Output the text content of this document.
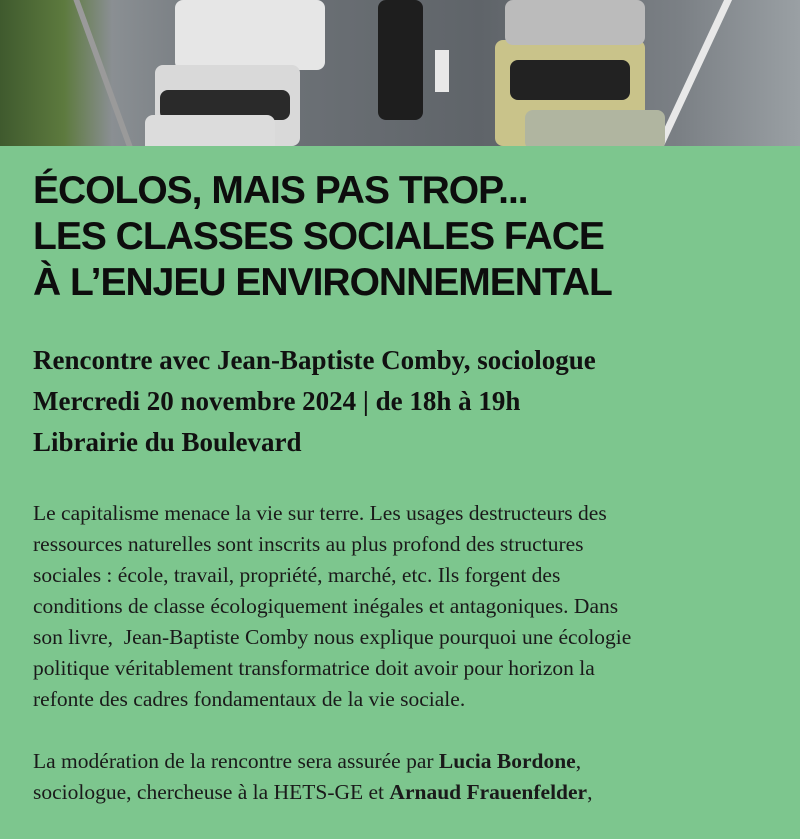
ÉCOLOS, MAIS PAS TROP...
LES CLASSES SOCIALES FACE
À L’ENJEU ENVIRONNEMENTAL
Rencontre avec Jean-Baptiste Comby, sociologue
Mercredi 20 novembre 2024 | de 18h à 19h
Librairie du Boulevard

Le capitalisme menace la vie sur terre. Les usages destructeurs des
ressources naturelles sont inscrits au plus profond des structures
sociales : école, travail, propriété, marché, etc. Ils forgent des
conditions de classe écologiquement inégales et antagoniques. Dans
son livre,  Jean-Baptiste Comby nous explique pourquoi une écologie
politique véritablement transformatrice doit avoir pour horizon la
refonte des cadres fondamentaux de la vie sociale.

La modération de la rencontre sera assurée par Lucia Bordone,
sociologue, chercheuse à la HETS-GE et Arnaud Frauenfelder,
